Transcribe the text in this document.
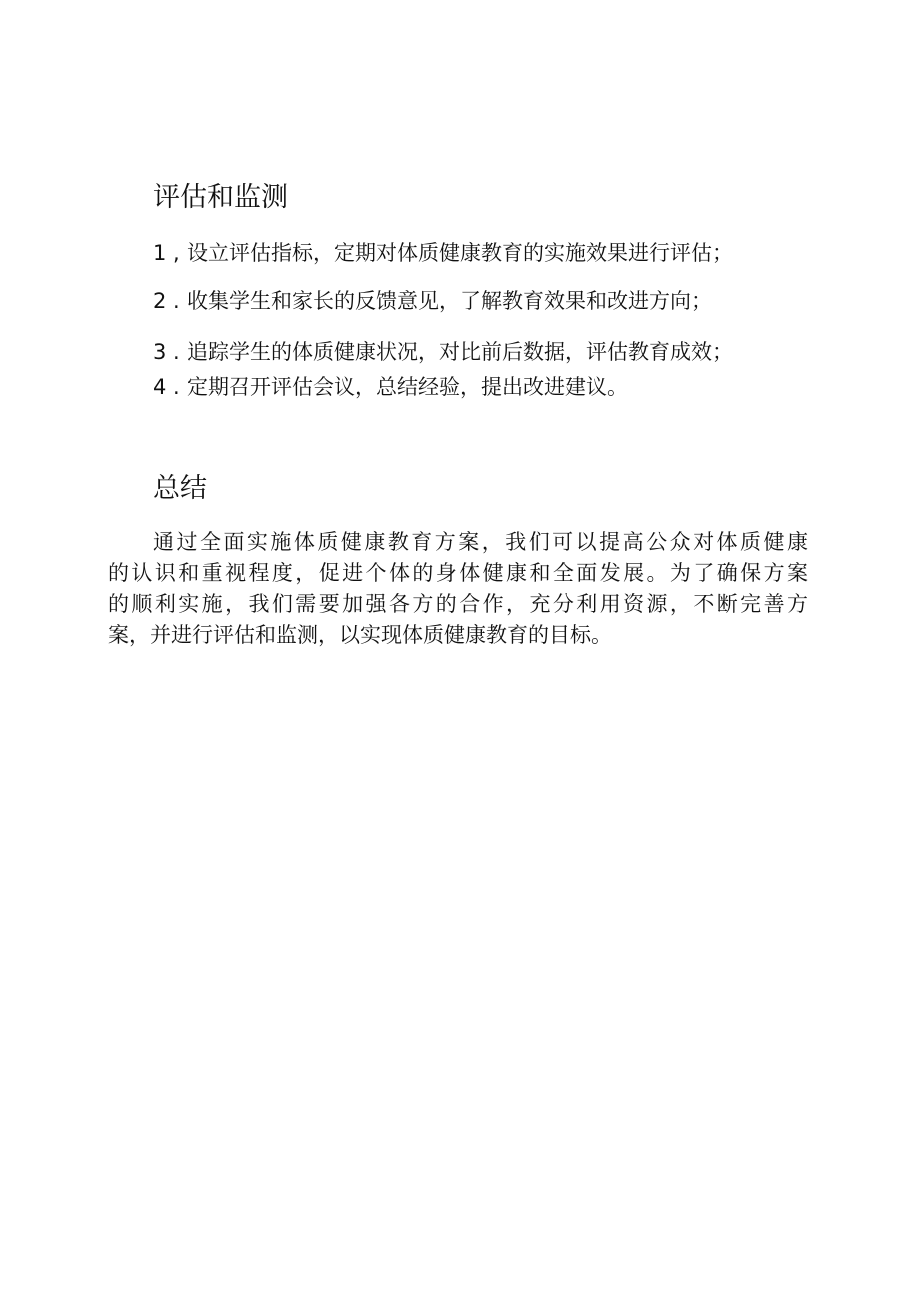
评估和监测

1 , 设立评估指标，定期对体质健康教育的实施效果进行评估；

2 . 收集学生和家长的反馈意见，了解教育效果和改进方向；

3 . 追踪学生的体质健康状况，对比前后数据，评估教育成效；

4 . 定期召开评估会议，总结经验，提出改进建议。

总结
通过全面实施体质健康教育方案，我们可以提高公众对体质健康
的认识和重视程度，促进个体的身体健康和全面发展。为了确保方案
的顺利实施，我们需要加强各方的合作，充分利用资源，不断完善方
案，并进行评估和监测，以实现体质健康教育的目标。
